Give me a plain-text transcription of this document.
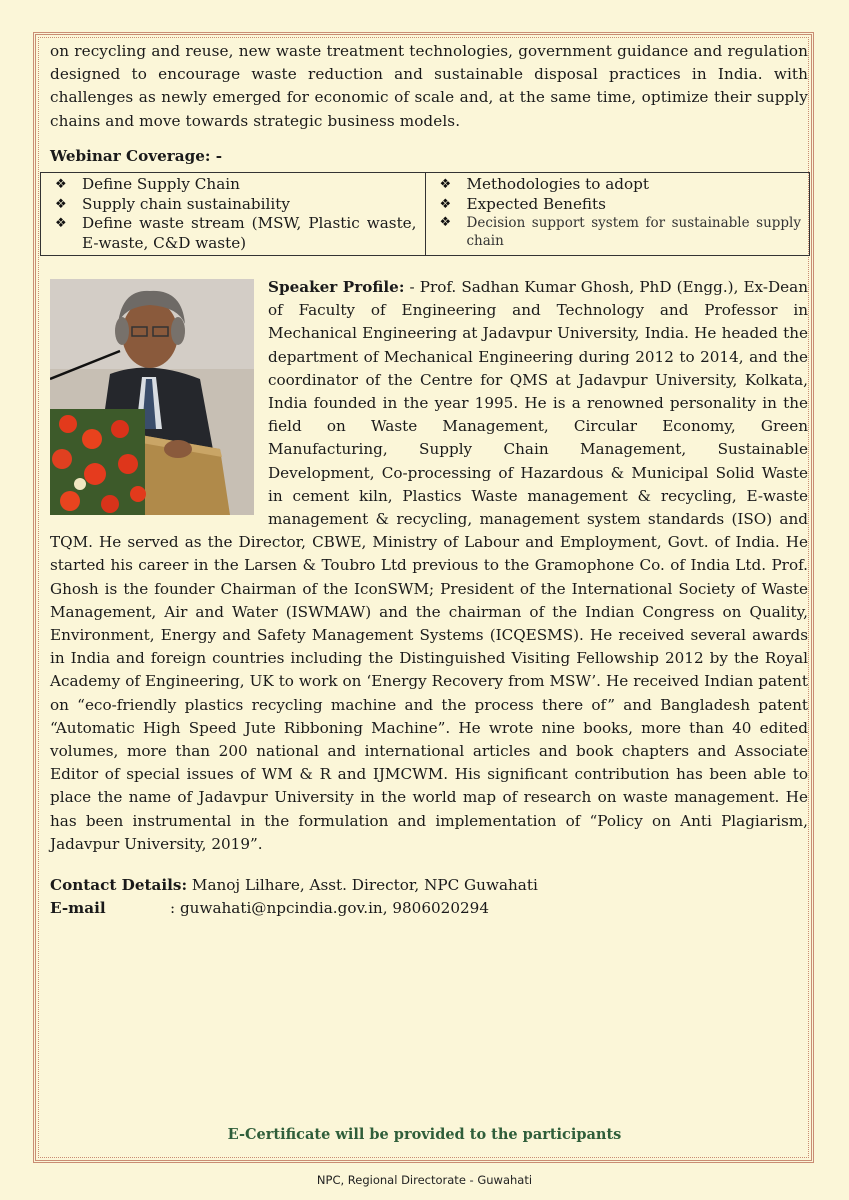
on recycling and reuse, new waste treatment technologies, government guidance and regulation designed to encourage waste reduction and sustainable disposal practices in India. with challenges as newly emerged for economic of scale and, at the same time, optimize their supply chains and move towards strategic business models.

Webinar Coverage: -
❖ Define Supply Chain
❖ Supply chain sustainability
❖ Define waste stream (MSW, Plastic waste, E-waste, C&D waste)

❖ Methodologies to adopt
❖ Expected Benefits
❖ Decision support system for sustainable supply chain

Speaker Profile: - Prof. Sadhan Kumar Ghosh, PhD (Engg.), Ex-Dean of Faculty of Engineering and Technology and Professor in Mechanical Engineering at Jadavpur University, India. He headed the department of Mechanical Engineering during 2012 to 2014, and the coordinator of the Centre for QMS at Jadavpur University, Kolkata, India founded in the year 1995. He is a renowned personality in the field on Waste Management, Circular Economy, Green Manufacturing, Supply Chain Management, Sustainable Development, Co-processing of Hazardous & Municipal Solid Waste in cement kiln, Plastics Waste management & recycling, E-waste management & recycling, management system standards (ISO) and TQM. He served as the Director, CBWE, Ministry of Labour and Employment, Govt. of India. He started his career in the Larsen & Toubro Ltd previous to the Gramophone Co. of India Ltd. Prof. Ghosh is the founder Chairman of the IconSWM; President of the International Society of Waste Management, Air and Water (ISWMAW) and the chairman of the Indian Congress on Quality, Environment, Energy and Safety Management Systems (ICQESMS). He received several awards in India and foreign countries including the Distinguished Visiting Fellowship 2012 by the Royal Academy of Engineering, UK to work on ‘Energy Recovery from MSW’. He received Indian patent on “eco-friendly plastics recycling machine and the process there of” and Bangladesh patent “Automatic High Speed Jute Ribboning Machine”. He wrote nine books, more than 40 edited volumes, more than 200 national and international articles and book chapters and Associate Editor of special issues of WM & R and IJMCWM. His significant contribution has been able to place the name of Jadavpur University in the world map of research on waste management. He has been instrumental in the formulation and implementation of “Policy on Anti Plagiarism, Jadavpur University, 2019”.

Contact Details: Manoj Lilhare, Asst. Director, NPC Guwahati
E-mail	: guwahati@npcindia.gov.in, 9806020294
E-Certificate will be provided to the participants
NPC, Regional Directorate - Guwahati
